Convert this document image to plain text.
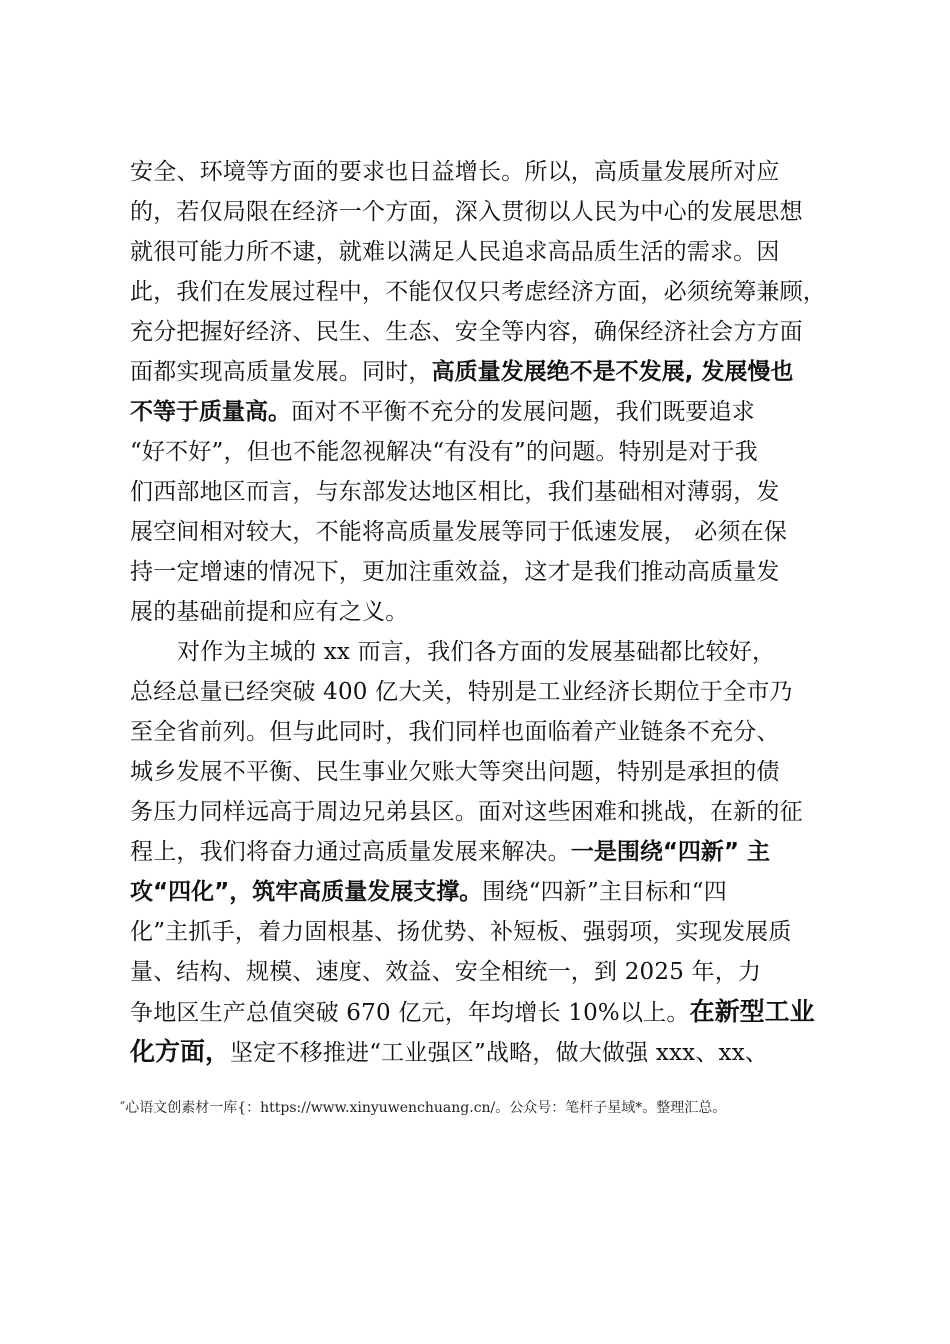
安全、环境等方面的要求也日益增长。所以，高质量发展所对应
的，若仅局限在经济一个方面，深入贯彻以人民为中心的发展思想
就很可能力所不逮，就难以满足人民追求高品质生活的需求。因
此，我们在发展过程中，不能仅仅只考虑经济方面，必须统筹兼顾，
充分把握好经济、民生、生态、安全等内容，确保经济社会方方面
面都实现高质量发展。同时，高质量发展绝不是不发展, 发展慢也
不等于质量高。面对不平衡不充分的发展问题，我们既要追求
“好不好”，但也不能忽视解决“有没有”的问题。特别是对于我
们西部地区而言，与东部发达地区相比，我们基础相对薄弱，发
展空间相对较大，不能将高质量发展等同于低速发展， 必须在保
持一定增速的情况下，更加注重效益，这才是我们推动高质量发
展的基础前提和应有之义。
对作为主城的 xx 而言，我们各方面的发展基础都比较好，
总经总量已经突破 400 亿大关，特别是工业经济长期位于全市乃
至全省前列。但与此同时，我们同样也面临着产业链条不充分、
城乡发展不平衡、民生事业欠账大等突出问题，特别是承担的债
务压力同样远高于周边兄弟县区。面对这些困难和挑战，在新的征
程上，我们将奋力通过高质量发展来解决。一是围绕“四新” 主
攻“四化”，筑牢高质量发展支撑。围绕“四新”主目标和“四
化”主抓手，着力固根基、扬优势、补短板、强弱项，实现发展质
量、结构、规模、速度、效益、安全相统一，到 2025 年，力
争地区生产总值突破 670 亿元，年均增长 10%以上。在新型工业
化方面，坚定不移推进“工业强区”战略，做大做强 xxx、xx、
″心语文创素材一库{：https://www.xinyuwenchuang.cn/。公众号：笔杆子星域*。整理汇总。
